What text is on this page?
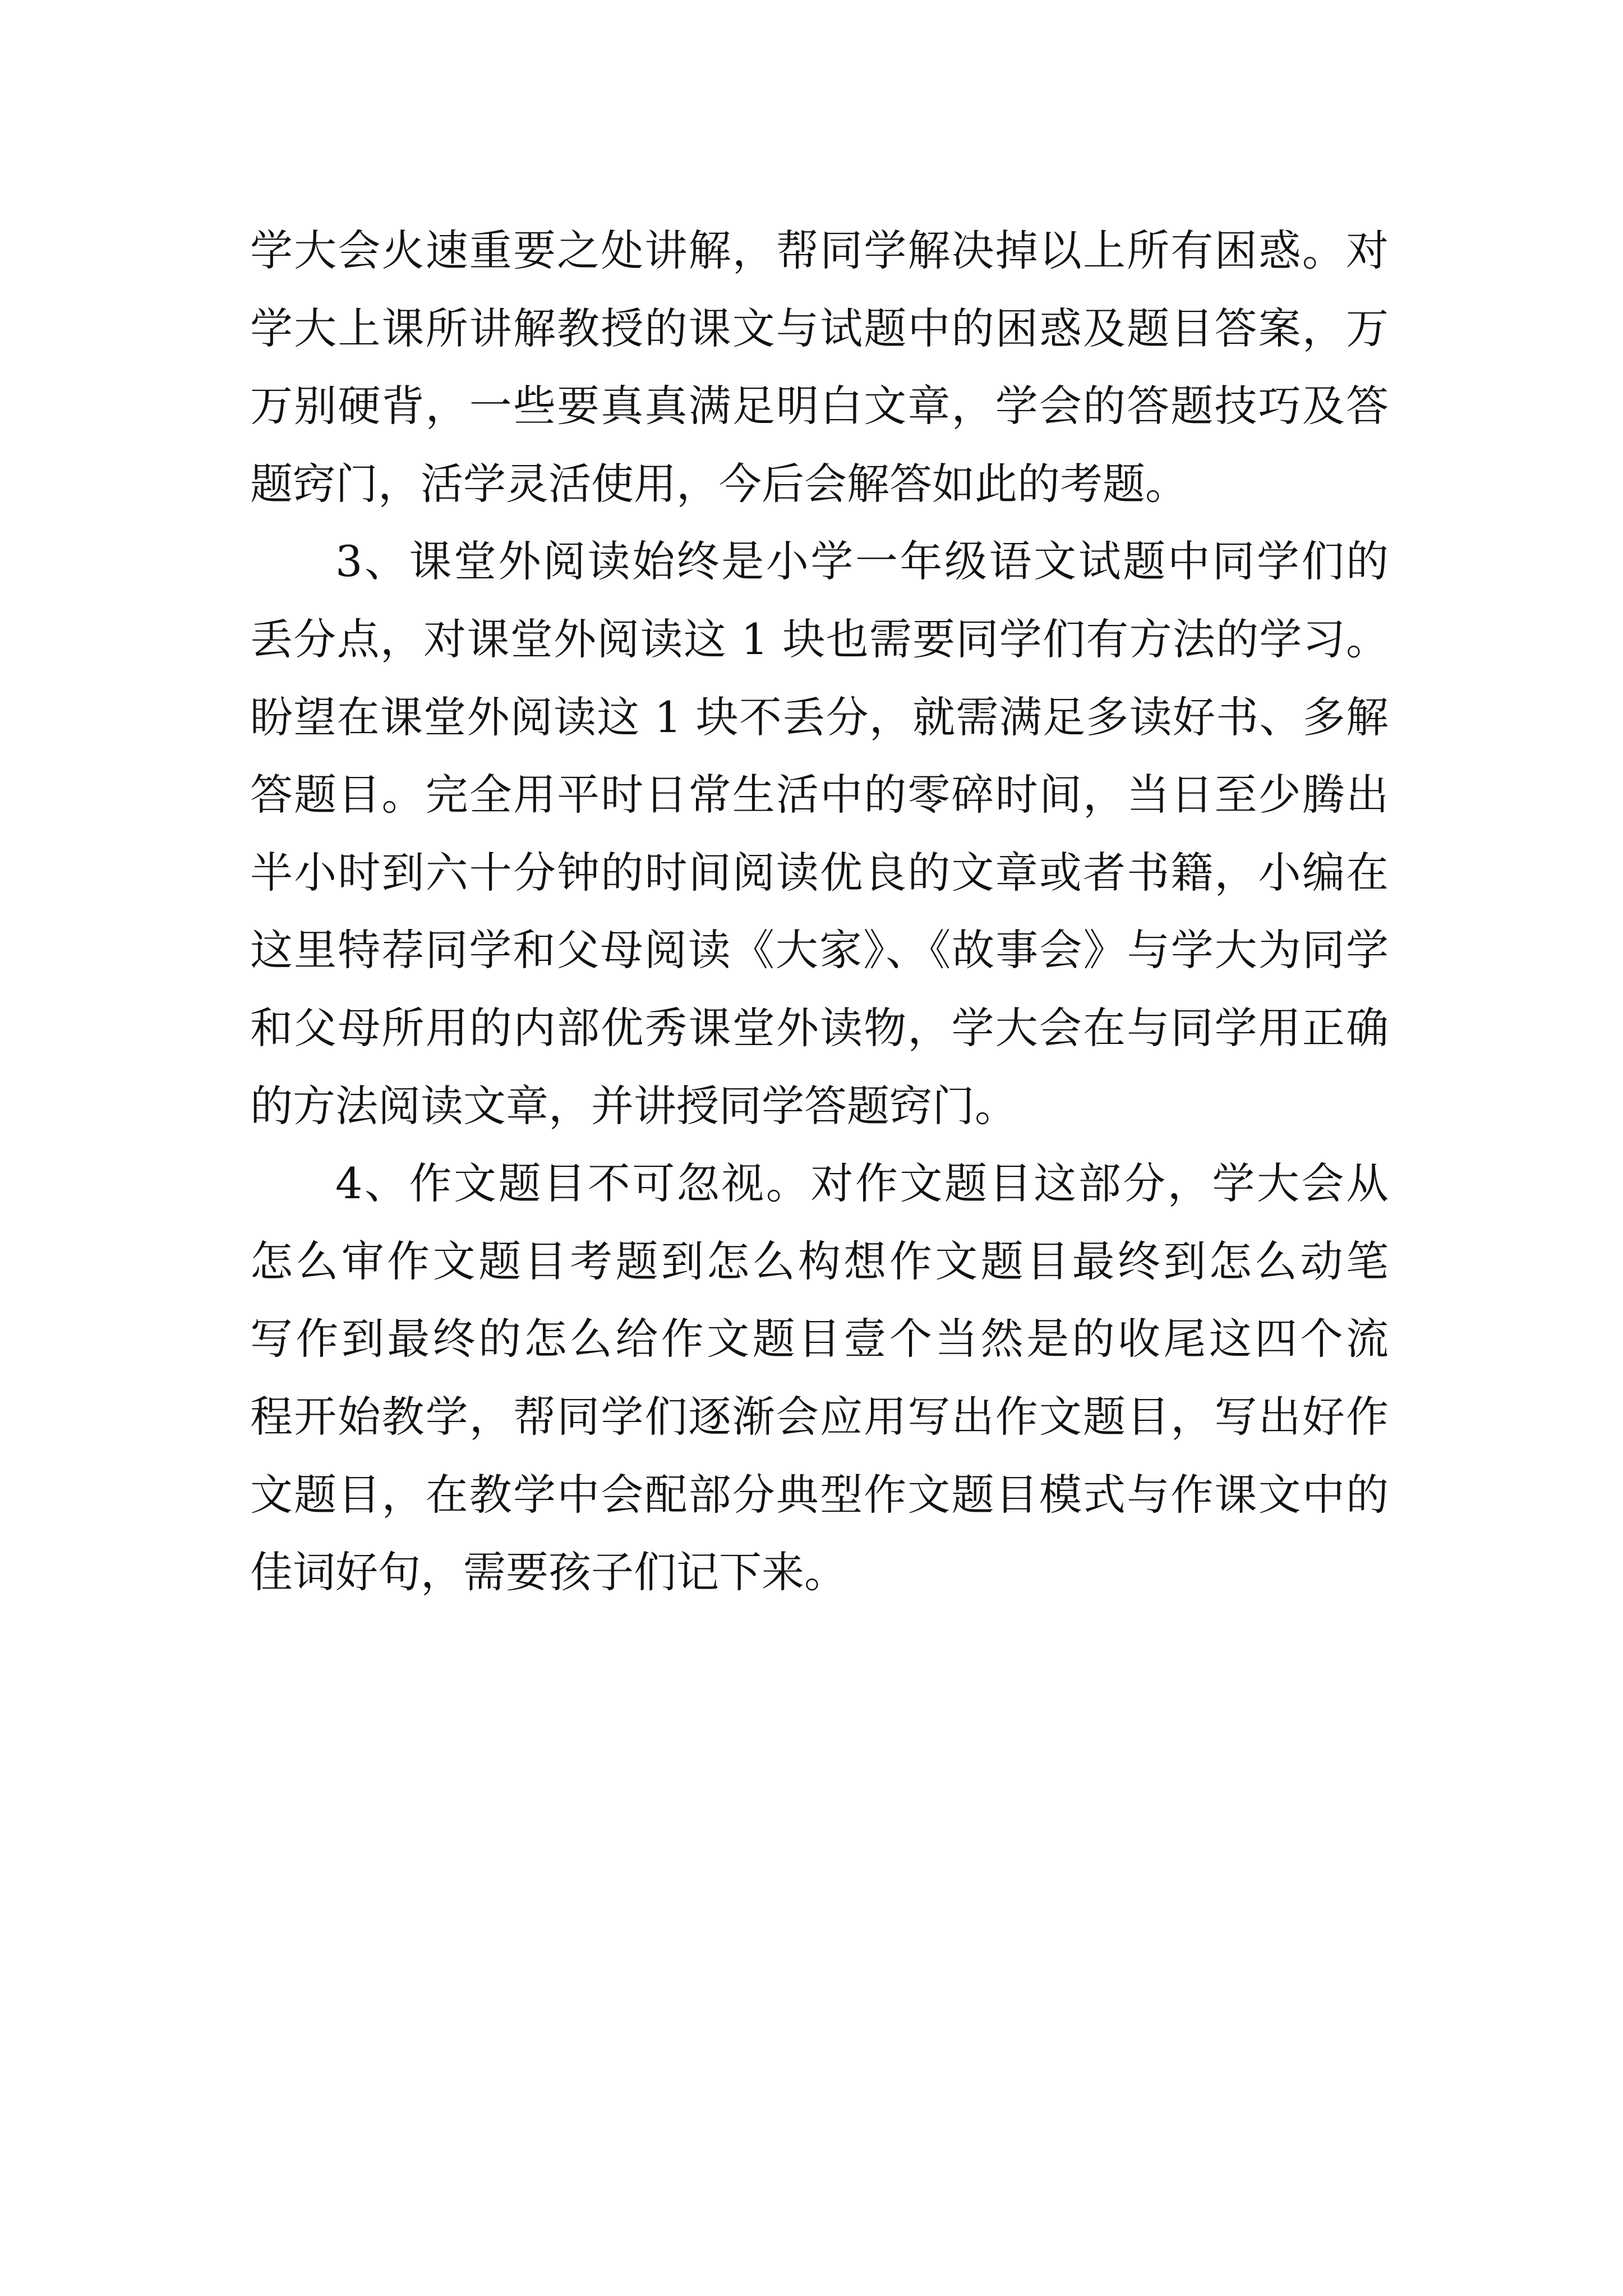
学大会火速重要之处讲解，帮同学解决掉以上所有困惑。对
学大上课所讲解教授的课文与试题中的困惑及题目答案，万
万别硬背，一些要真真满足明白文章，学会的答题技巧及答
题窍门，活学灵活使用，今后会解答如此的考题。
3、课堂外阅读始终是小学一年级语文试题中同学们的
丢分点，对课堂外阅读这 1 块也需要同学们有方法的学习。
盼望在课堂外阅读这 1 块不丢分，就需满足多读好书、多解
答题目。完全用平时日常生活中的零碎时间，当日至少腾出
半小时到六十分钟的时间阅读优良的文章或者书籍，小编在
这里特荐同学和父母阅读《大家》、《故事会》与学大为同学
和父母所用的内部优秀课堂外读物，学大会在与同学用正确
的方法阅读文章，并讲授同学答题窍门。
4、作文题目不可忽视。对作文题目这部分，学大会从
怎么审作文题目考题到怎么构想作文题目最终到怎么动笔
写作到最终的怎么给作文题目壹个当然是的收尾这四个流
程开始教学，帮同学们逐渐会应用写出作文题目，写出好作
文题目，在教学中会配部分典型作文题目模式与作课文中的
佳词好句，需要孩子们记下来。
